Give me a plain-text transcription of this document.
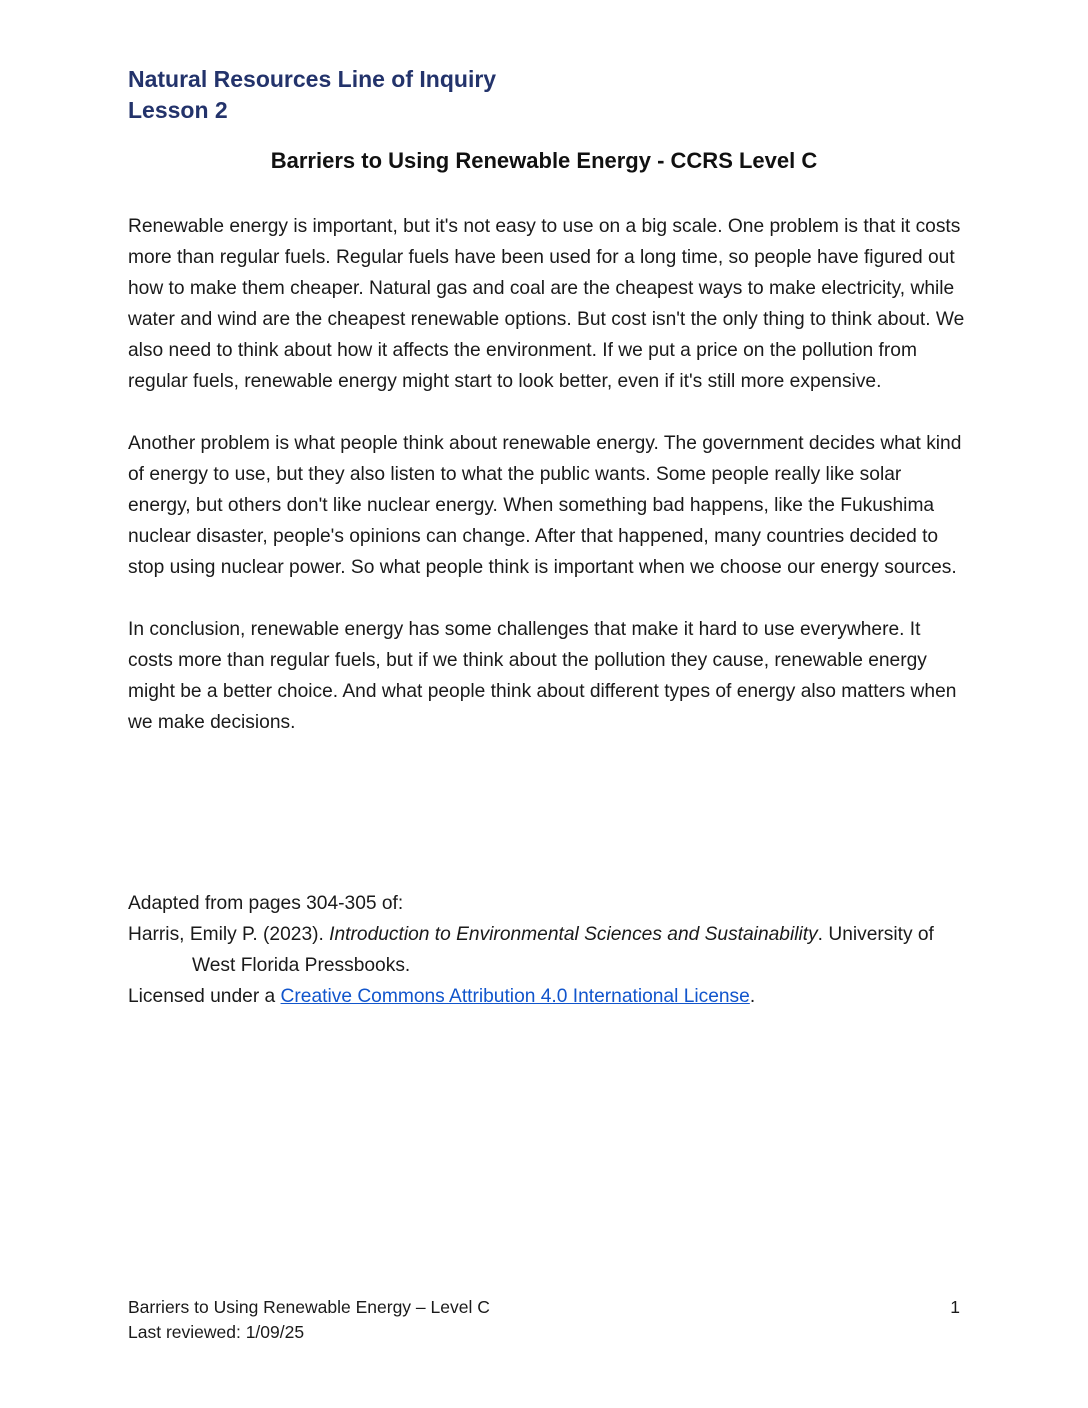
Natural Resources Line of Inquiry
Lesson 2
Barriers to Using Renewable Energy - CCRS Level C

Renewable energy is important, but it's not easy to use on a big scale. One problem is that it costs more than regular fuels. Regular fuels have been used for a long time, so people have figured out how to make them cheaper. Natural gas and coal are the cheapest ways to make electricity, while water and wind are the cheapest renewable options. But cost isn't the only thing to think about. We also need to think about how it affects the environment. If we put a price on the pollution from regular fuels, renewable energy might start to look better, even if it's still more expensive.

Another problem is what people think about renewable energy. The government decides what kind of energy to use, but they also listen to what the public wants. Some people really like solar energy, but others don't like nuclear energy. When something bad happens, like the Fukushima nuclear disaster, people's opinions can change. After that happened, many countries decided to stop using nuclear power. So what people think is important when we choose our energy sources.

In conclusion, renewable energy has some challenges that make it hard to use everywhere. It costs more than regular fuels, but if we think about the pollution they cause, renewable energy might be a better choice. And what people think about different types of energy also matters when we make decisions.

Adapted from pages 304-305 of:
Harris, Emily P. (2023). Introduction to Environmental Sciences and Sustainability. University of West Florida Pressbooks.
Licensed under a Creative Commons Attribution 4.0 International License.
Barriers to Using Renewable Energy – Level C	1
Last reviewed: 1/09/25
